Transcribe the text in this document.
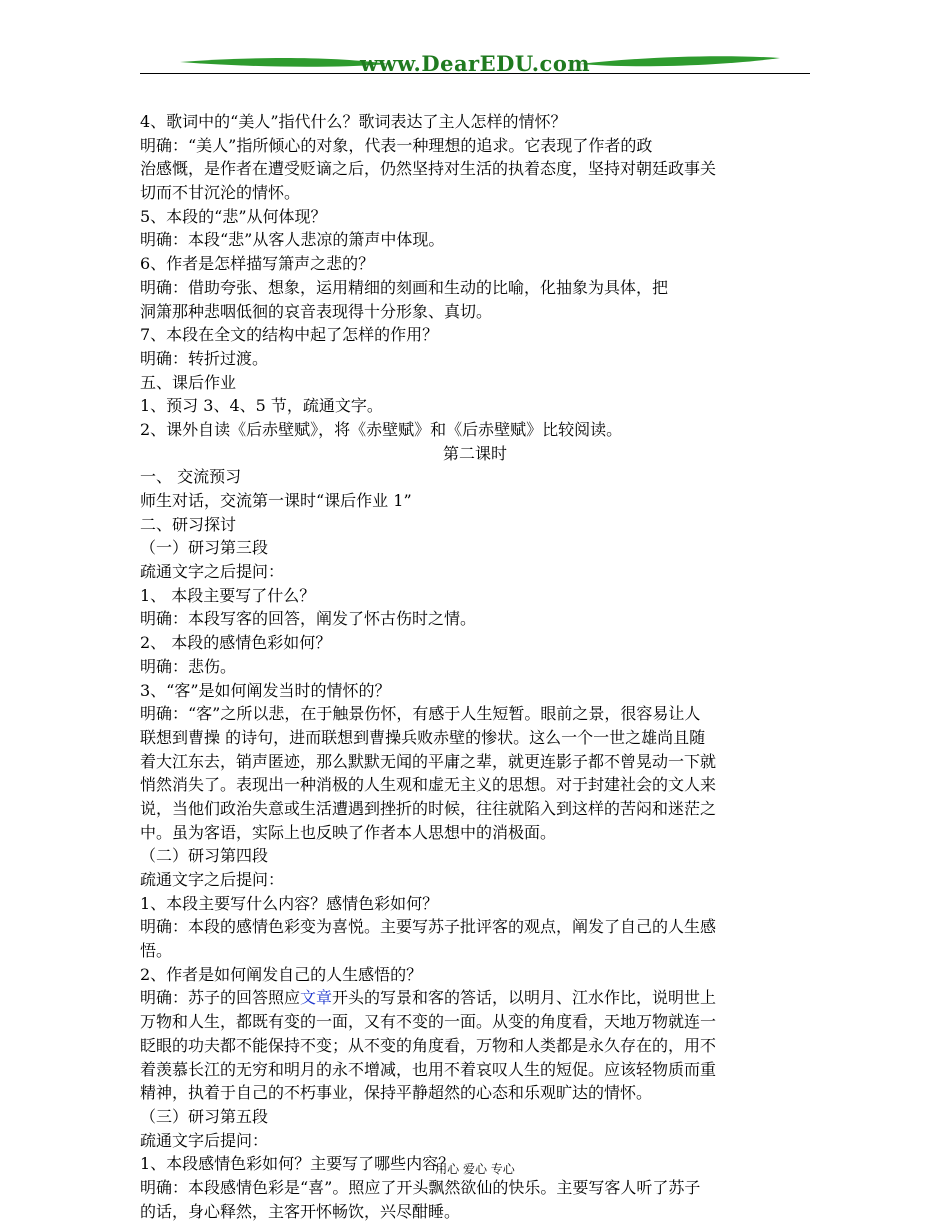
www.DearEDU.com
4、歌词中的“美人”指代什么？歌词表达了主人怎样的情怀？
明确：“美人”指所倾心的对象，代表一种理想的追求。它表现了作者的政
治感慨，是作者在遭受贬谪之后，仍然坚持对生活的执着态度，坚持对朝廷政事关
切而不甘沉沦的情怀。
5、本段的“悲”从何体现？
明确：本段“悲”从客人悲凉的箫声中体现。
6、作者是怎样描写箫声之悲的？
明确：借助夸张、想象，运用精细的刻画和生动的比喻，化抽象为具体，把
洞箫那种悲咽低徊的哀音表现得十分形象、真切。
7、本段在全文的结构中起了怎样的作用？
明确：转折过渡。
五、课后作业
1、预习 3、4、5 节，疏通文字。
2、课外自读《后赤壁赋》，将《赤壁赋》和《后赤壁赋》比较阅读。
第二课时
一、 交流预习
师生对话，交流第一课时“课后作业 1”
二、研习探讨
（一）研习第三段
疏通文字之后提问：
1、 本段主要写了什么？
明确：本段写客的回答，阐发了怀古伤时之情。
2、 本段的感情色彩如何？
明确：悲伤。
3、“客”是如何阐发当时的情怀的？
明确：“客”之所以悲，在于触景伤怀，有感于人生短暂。眼前之景，很容易让人
联想到曹操 的诗句，进而联想到曹操兵败赤壁的惨状。这么一个一世之雄尚且随
着大江东去，销声匿迹，那么默默无闻的平庸之辈，就更连影子都不曾晃动一下就
悄然消失了。表现出一种消极的人生观和虚无主义的思想。对于封建社会的文人来
说，当他们政治失意或生活遭遇到挫折的时候，往往就陷入到这样的苦闷和迷茫之
中。虽为客语，实际上也反映了作者本人思想中的消极面。
（二）研习第四段
疏通文字之后提问：
1、本段主要写什么内容？感情色彩如何？
明确：本段的感情色彩变为喜悦。主要写苏子批评客的观点，阐发了自己的人生感
悟。
2、作者是如何阐发自己的人生感悟的？
明确：苏子的回答照应文章开头的写景和客的答话，以明月、江水作比，说明世上
万物和人生，都既有变的一面，又有不变的一面。从变的角度看，天地万物就连一
眨眼的功夫都不能保持不变；从不变的角度看，万物和人类都是永久存在的，用不
着羡慕长江的无穷和明月的永不增减，也用不着哀叹人生的短促。应该轻物质而重
精神，执着于自己的不朽事业，保持平静超然的心态和乐观旷达的情怀。
（三）研习第五段
疏通文字后提问：
1、本段感情色彩如何？主要写了哪些内容？
明确：本段感情色彩是“喜”。照应了开头飘然欲仙的快乐。主要写客人听了苏子
的话，身心释然，主客开怀畅饮，兴尽酣睡。
用心 爱心 专心
